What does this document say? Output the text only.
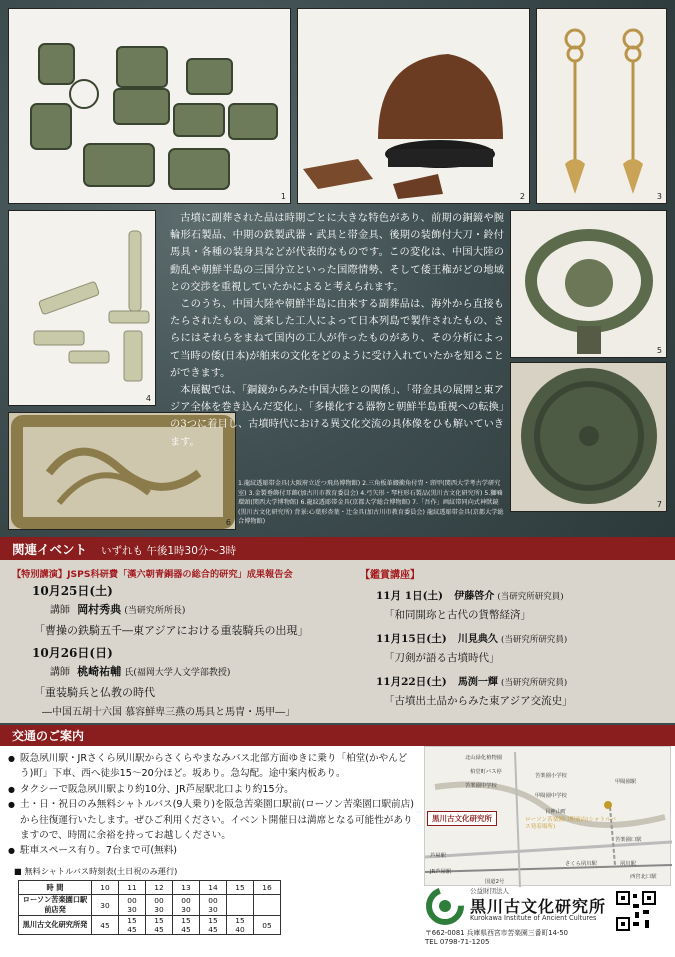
1	2	3
4
5
7
6

古墳に副葬された品は時期ごとに大きな特色があり、前期の銅鏡や腕輪形石製品、中期の鉄製武器・武具と帯金具、後期の装飾付大刀・鈴付馬具・各種の装身具などが代表的なものです。この変化は、中国大陸の動乱や朝鮮半島の三国分立といった国際情勢、そして倭王権がどの地域との交渉を重視していたかによると考えられます。

このうち、中国大陸や朝鮮半島に由来する副葬品は、海外から直接もたらされたもの、渡来した工人によって日本列島で製作されたもの、さらにはそれらをまねて国内の工人が作ったものがあり、その分析によって当時の倭(日本)が舶来の文化をどのように受け入れていたかを知ることができます。

本展観では、「銅鏡からみた中国大陸との関係」、「帯金具の展開と東アジア全体を巻き込んだ変化」、「多様化する器物と朝鮮半島重視への転換」の3つに着目し、古墳時代における異文化交流の具体像をひも解いていきます。

1.龍紋透彫帯金具(大阪府立近つ飛鳥博物館) 2.三角板革綴衝角付冑・頸甲(関西大学考古学研究室) 3.金製垂飾付耳飾(加古川市教育委員会) 4.弓矢形・琴柱形石製品(黒川古文化研究所) 5.獅噛環頭(関西大学博物館) 6.龍紋透彫帯金具(京都大学総合博物館) 7.「吾作」画紋帯同向式神獣鏡(黒川古文化研究所) 背景:心葉形杏葉・辻金具(加古川市教育委員会) 龍紋透彫帯金具(京都大学総合博物館)
関連イベント いずれも 午後1時30分～3時
【特別講演】JSPS科研費「漢六朝青銅器の総合的研究」成果報告会
10月25日(土)
講師 岡村秀典 (当研究所所長)
「曹操の鉄騎五千―東アジアにおける重装騎兵の出現」
10月26日(日)
講師 桃崎祐輔 氏(福岡大学人文学部教授)
「重装騎兵と仏教の時代
―中国五胡十六国 慕容鮮卑三燕の馬具と馬冑・馬甲―」
【鑑賞講座】
11月 1日(土) 伊藤啓介 (当研究所研究員)
「和同開珎と古代の貨幣経済」
11月15日(土) 川見典久 (当研究所研究員)
「刀剣が語る古墳時代」
11月22日(土) 馬渕一輝 (当研究所研究員)
「古墳出土品からみた東アジア交流史」
交通のご案内
● 阪急夙川駅・JRさくら夙川駅からさくらやまなみバス北部方面ゆきに乗り「柏堂(かやんどう)町」下車、西へ徒歩15～20分ほど。坂あり。急勾配。途中案内板あり。
● タクシーで阪急夙川駅より約10分、JR芦屋駅北口より約15分。
● 土・日・祝日のみ無料シャトルバス(9人乗り)を阪急苦楽園口駅前(ローソン苦楽園口駅前店)から往復運行いたします。ぜひご利用ください。イベント開催日は満席となる可能性がありますので、時間に余裕を持ってお越しください。
● 駐車スペース有り。7台まで可(無料)
■ 無料シャトルバス時刻表(土日祝のみ運行)
時 間	10	11	12	13	14	15	16
ローソン苦楽園口駅前店発	30	00 30	00 30	00 30	00 30		
黒川古文化研究所発	45	15 45	15 45	15 45	15 45	15 40	05
北山緑化植物園
柏堂町バス停
甲陽園駅
苦楽園口駅
夙川駅
さくら夙川駅
芦屋駅
JR芦屋駅
西宮北口駅
苦楽園小学校
苦楽園中学校
甲陽園中学校
目神山町
国道2号
黒川古文化研究所	ローソン苦楽園口駅前店(シャトルバス発着場所)
公益財団法人
黒川古文化研究所
Kurokawa Institute of Ancient Cultures
〒662-0081 兵庫県西宮市苦楽園三番町14-50
TEL 0798-71-1205
